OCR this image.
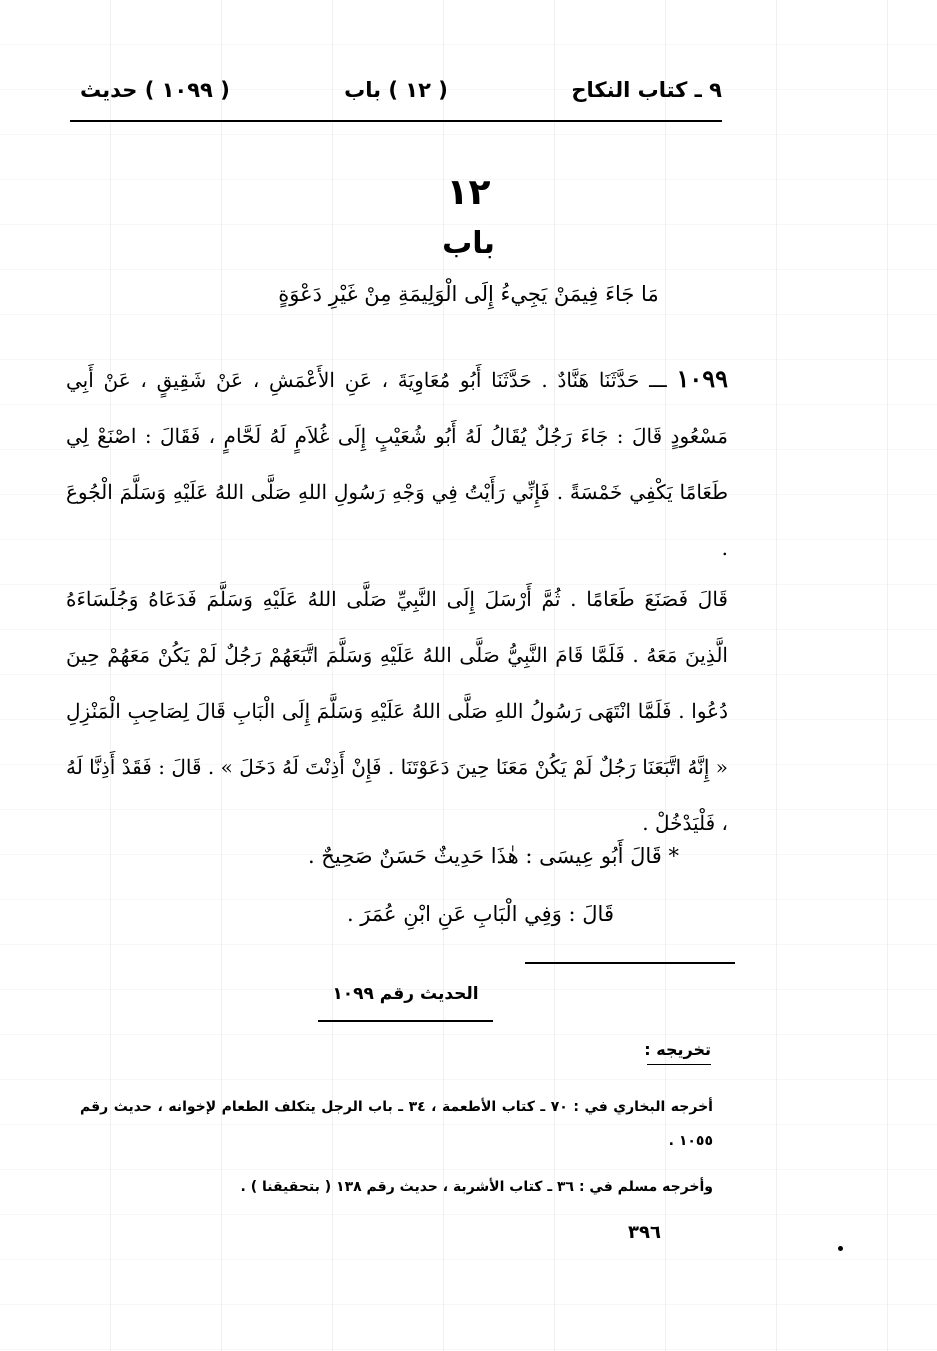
٩ ـ كتاب النكاح
( ١٢ ) باب
( ١٠٩٩ ) حديث
١٢
باب
مَا جَاءَ فِيمَنْ يَجِيءُ إِلَى الْوَلِيمَةِ مِنْ غَيْرِ دَعْوَةٍ
١٠٩٩ ـــ حَدَّثَنَا هَنَّادٌ . حَدَّثَنَا أَبُو مُعَاوِيَةَ ، عَنِ الأَعْمَشِ ، عَنْ شَقِيقٍ ، عَنْ أَبِي مَسْعُودٍ قَالَ : جَاءَ رَجُلٌ يُقَالُ لَهُ أَبُو شُعَيْبٍ إِلَى غُلاَمٍ لَهُ لَحَّامٍ ، فَقَالَ : اصْنَعْ لِي طَعَامًا يَكْفِي خَمْسَةً . فَإِنِّي رَأَيْتُ فِي وَجْهِ رَسُولِ اللهِ صَلَّى اللهُ عَلَيْهِ وَسَلَّمَ الْجُوعَ .
قَالَ فَصَنَعَ طَعَامًا . ثُمَّ أَرْسَلَ إِلَى النَّبِيِّ صَلَّى اللهُ عَلَيْهِ وَسَلَّمَ فَدَعَاهُ وَجُلَسَاءَهُ الَّذِينَ مَعَهُ . فَلَمَّا قَامَ النَّبِيُّ صَلَّى اللهُ عَلَيْهِ وَسَلَّمَ اتَّبَعَهُمْ رَجُلٌ لَمْ يَكُنْ مَعَهُمْ حِينَ دُعُوا . فَلَمَّا انْتَهَى رَسُولُ اللهِ صَلَّى اللهُ عَلَيْهِ وَسَلَّمَ إِلَى الْبَابِ قَالَ لِصَاحِبِ الْمَنْزِلِ « إِنَّهُ اتَّبَعَنَا رَجُلٌ لَمْ يَكُنْ مَعَنَا حِينَ دَعَوْتَنَا . فَإِنْ أَذِنْتَ لَهُ دَخَلَ » . قَالَ : فَقَدْ أَذِنَّا لَهُ ، فَلْيَدْخُلْ .
* قَالَ أَبُو عِيسَى : هٰذَا حَدِيثٌ حَسَنٌ صَحِيحٌ .
قَالَ : وَفِي الْبَابِ عَنِ ابْنِ عُمَرَ .
الحديث رقم ١٠٩٩
تخريجه :
أخرجه البخاري في : ٧٠ ـ كتاب الأطعمة ، ٣٤ ـ باب الرجل يتكلف الطعام لإخوانه ، حديث رقم ١٠٥٥ .
وأخرجه مسلم في : ٣٦ ـ كتاب الأشربة ، حديث رقم ١٣٨ ( بتحقيقنا ) .
٣٩٦
